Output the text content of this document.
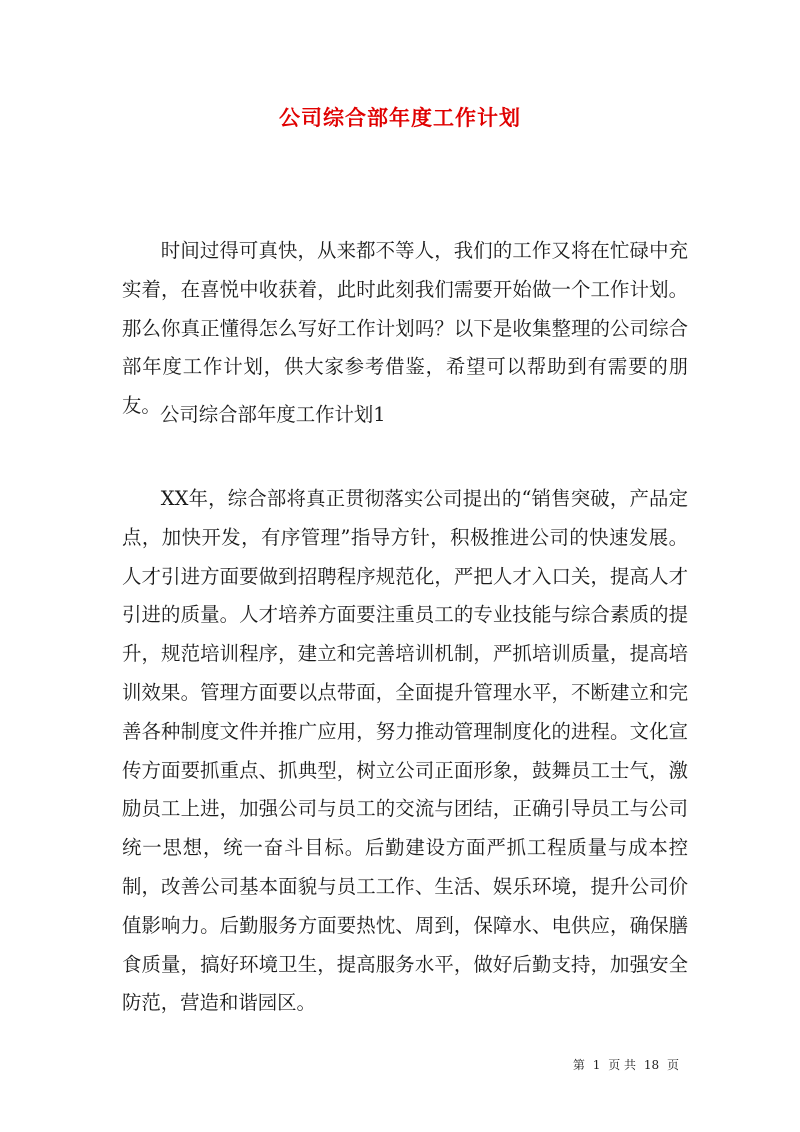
公司综合部年度工作计划

时间过得可真快，从来都不等人，我们的工作又将在忙碌中充实着，在喜悦中收获着，此时此刻我们需要开始做一个工作计划。那么你真正懂得怎么写好工作计划吗？以下是收集整理的公司综合部年度工作计划，供大家参考借鉴，希望可以帮助到有需要的朋友。 公司综合部年度工作计划1

XX年，综合部将真正贯彻落实公司提出的“销售突破，产品定点，加快开发，有序管理”指导方针，积极推进公司的快速发展。人才引进方面要做到招聘程序规范化，严把人才入口关，提高人才引进的质量。人才培养方面要注重员工的专业技能与综合素质的提升，规范培训程序，建立和完善培训机制，严抓培训质量，提高培训效果。管理方面要以点带面，全面提升管理水平，不断建立和完善各种制度文件并推广应用，努力推动管理制度化的进程。文化宣传方面要抓重点、抓典型，树立公司正面形象，鼓舞员工士气，激励员工上进，加强公司与员工的交流与团结，正确引导员工与公司统一思想，统一奋斗目标。后勤建设方面严抓工程质量与成本控制，改善公司基本面貌与员工工作、生活、娱乐环境，提升公司价值影响力。后勤服务方面要热忱、周到，保障水、电供应，确保膳食质量，搞好环境卫生，提高服务水平，做好后勤支持，加强安全防范，营造和谐园区。

第 1 页 共 18 页
